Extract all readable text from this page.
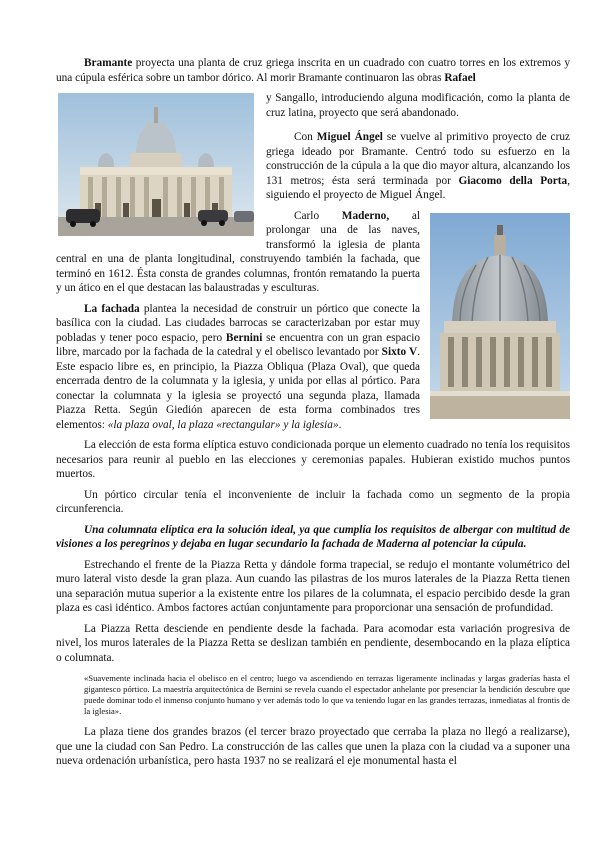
Bramante proyecta una planta de cruz griega inscrita en un cuadrado con cuatro torres en los extremos y una cúpula esférica sobre un tambor dórico. Al morir Bramante continuaron las obras Rafael

y Sangallo, introduciendo alguna modificación, como la planta de cruz latina, proyecto que será abandonado.

Con Miguel Ángel se vuelve al primitivo proyecto de cruz griega ideado por Bramante. Centró todo su esfuerzo en la construcción de la cúpula a la que dio mayor altura, alcanzando los 131 metros; ésta será terminada por Giacomo della Porta, siguiendo el proyecto de Miguel Ángel.

Carlo Maderno, al prolongar una de las naves, transformó la iglesia de planta central en una de planta longitudinal, construyendo también la fachada, que terminó en 1612. Ésta consta de grandes columnas, frontón rematando la puerta y un ático en el que destacan las balaustradas y esculturas.

La fachada plantea la necesidad de construir un pórtico que conecte la basílica con la ciudad. Las ciudades barrocas se caracterizaban por estar muy pobladas y tener poco espacio, pero Bernini se encuentra con un gran espacio libre, marcado por la fachada de la catedral y el obelisco levantado por Sixto V. Este espacio libre es, en principio, la Piazza Obliqua (Plaza Oval), que queda encerrada dentro de la columnata y la iglesia, y unida por ellas al pórtico. Para conectar la columnata y la iglesia se proyectó una segunda plaza, llamada Piazza Retta. Según Giedión aparecen de esta forma combinados tres elementos: «la plaza oval, la plaza «rectangular» y la iglesia».

La elección de esta forma elíptica estuvo condicionada porque un elemento cuadrado no tenía los requisitos necesarios para reunir al pueblo en las elecciones y ceremonias papales. Hubieran existido muchos puntos muertos.

Un pórtico circular tenía el inconveniente de incluir la fachada como un segmento de la propia circunferencia.

Una columnata elíptica era la solución ideal, ya que cumplía los requisitos de albergar con multitud de visiones a los peregrinos y dejaba en lugar secundario la fachada de Maderna al potenciar la cúpula.

Estrechando el frente de la Piazza Retta y dándole forma trapecial, se redujo el montante volumétrico del muro lateral visto desde la gran plaza. Aun cuando las pilastras de los muros laterales de la Piazza Retta tienen una separación mutua superior a la existente entre los pilares de la columnata, el espacio percibido desde la gran plaza es casi idéntico. Ambos factores actúan conjuntamente para proporcionar una sensación de profundidad.

La Piazza Retta desciende en pendiente desde la fachada. Para acomodar esta variación progresiva de nivel, los muros laterales de la Piazza Retta se deslizan también en pendiente, desembocando en la plaza elíptica o columnata.

«Suavemente inclinada hacia el obelisco en el centro; luego va ascendiendo en terrazas ligeramente inclinadas y largas graderías hasta el gigantesco pórtico. La maestría arquitectónica de Bernini se revela cuando el espectador anhelante por presenciar la bendición descubre que puede dominar todo el inmenso conjunto humano y ver además todo lo que va teniendo lugar en las grandes terrazas, inmediatas al frontis de la iglesia».

La plaza tiene dos grandes brazos (el tercer brazo proyectado que cerraba la plaza no llegó a realizarse), que une la ciudad con San Pedro. La construcción de las calles que unen la plaza con la ciudad va a suponer una nueva ordenación urbanística, pero hasta 1937 no se realizará el eje monumental hasta el
